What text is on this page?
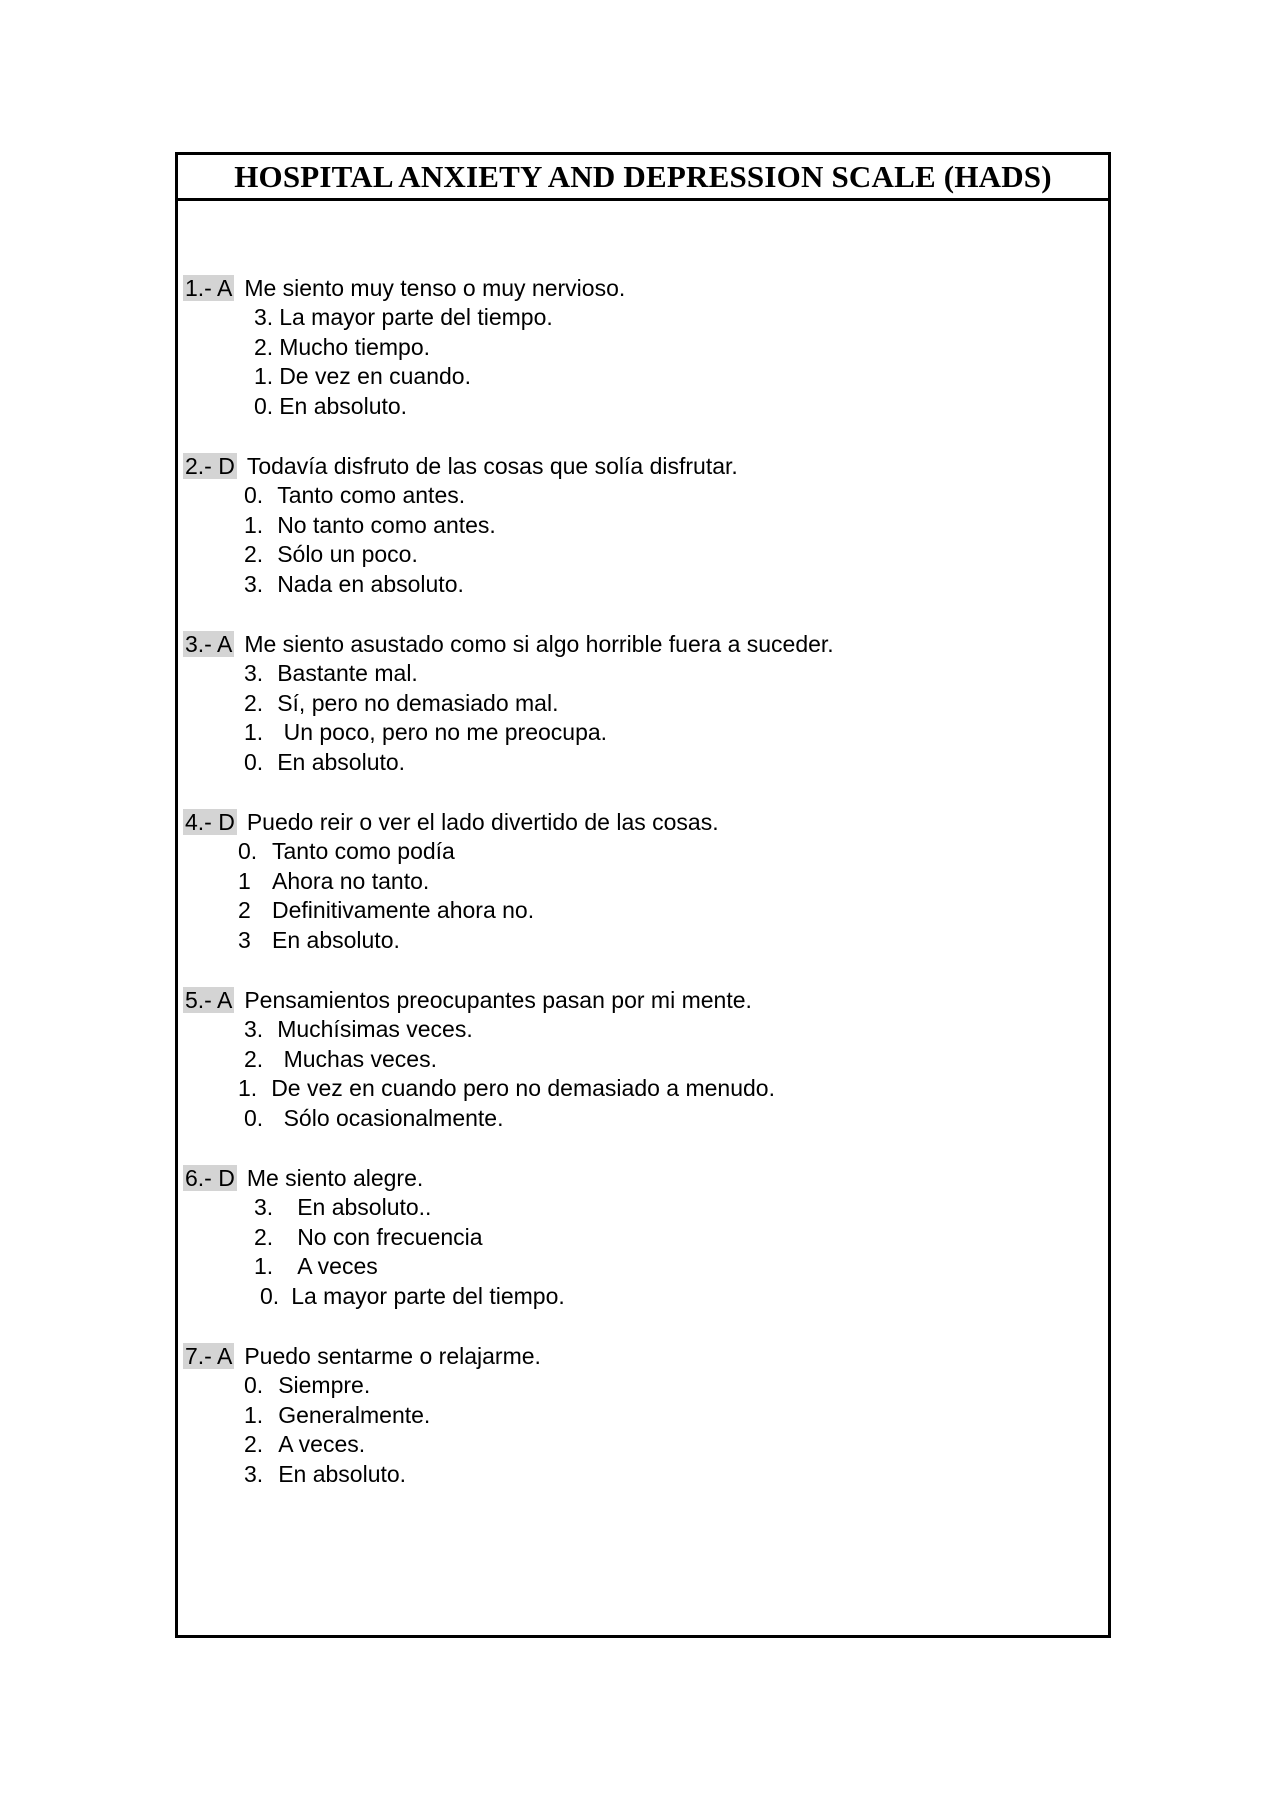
HOSPITAL ANXIETY AND DEPRESSION SCALE (HADS)
1.- A Me siento muy tenso o muy nervioso.
3. La mayor parte del tiempo.
2. Mucho tiempo.
1. De vez en cuando.
0. En absoluto.
2.- D Todavía disfruto de las cosas que solía disfrutar.
0. Tanto como antes.
1. No tanto como antes.
2. Sólo un poco.
3. Nada en absoluto.
3.- A Me siento asustado como si algo horrible fuera a suceder.
3. Bastante mal.
2. Sí, pero no demasiado mal.
1. Un poco, pero no me preocupa.
0. En absoluto.
4.- D Puedo reir o ver el lado divertido de las cosas.
0. Tanto como podía
1 Ahora no tanto.
2 Definitivamente ahora no.
3 En absoluto.
5.- A Pensamientos preocupantes pasan por mi mente.
3. Muchísimas veces.
2. Muchas veces.
1. De vez en cuando pero no demasiado a menudo.
0. Sólo ocasionalmente.
6.- D Me siento alegre.
3. En absoluto..
2. No con frecuencia
1. A veces
0. La mayor parte del tiempo.
7.- A Puedo sentarme o relajarme.
0. Siempre.
1. Generalmente.
2. A veces.
3. En absoluto.
